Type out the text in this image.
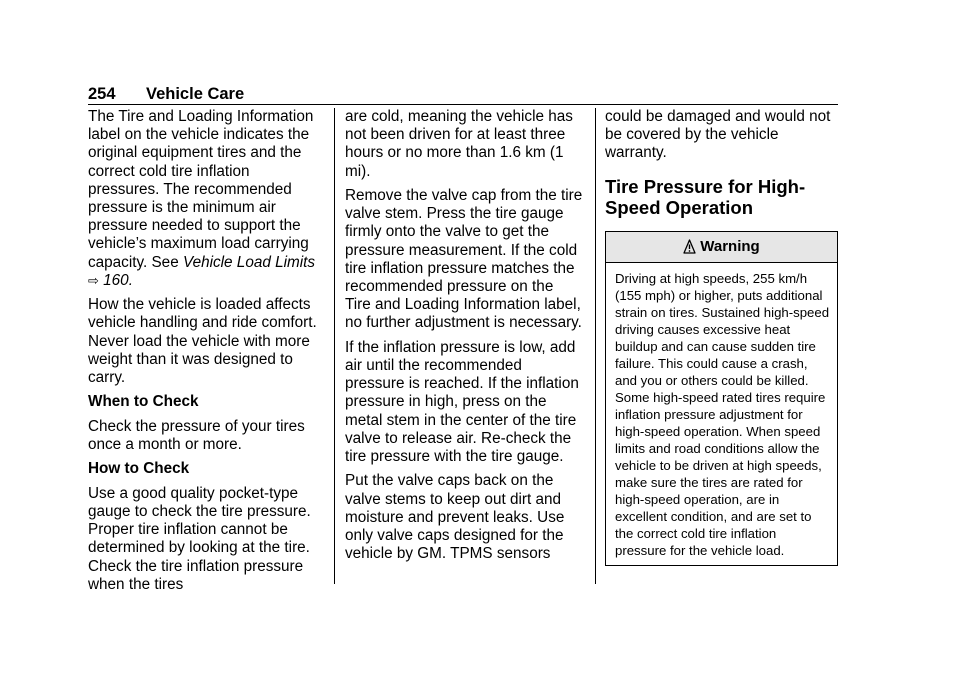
254 Vehicle Care

The Tire and Loading Information label on the vehicle indicates the original equipment tires and the correct cold tire inflation pressures. The recommended pressure is the minimum air pressure needed to support the vehicle’s maximum load carrying capacity. See Vehicle Load Limits ⇨ 160.

How the vehicle is loaded affects vehicle handling and ride comfort. Never load the vehicle with more weight than it was designed to carry.

When to Check

Check the pressure of your tires once a month or more.

How to Check

Use a good quality pocket-type gauge to check the tire pressure. Proper tire inflation cannot be determined by looking at the tire. Check the tire inflation pressure when the tires

are cold, meaning the vehicle has not been driven for at least three hours or no more than 1.6 km (1 mi).

Remove the valve cap from the tire valve stem. Press the tire gauge firmly onto the valve to get the pressure measurement. If the cold tire inflation pressure matches the recommended pressure on the Tire and Loading Information label, no further adjustment is necessary.

If the inflation pressure is low, add air until the recommended pressure is reached. If the inflation pressure in high, press on the metal stem in the center of the tire valve to release air. Re-check the tire pressure with the tire gauge.

Put the valve caps back on the valve stems to keep out dirt and moisture and prevent leaks. Use only valve caps designed for the vehicle by GM. TPMS sensors

could be damaged and would not be covered by the vehicle warranty.

Tire Pressure for High-Speed Operation
Warning
Driving at high speeds, 255 km/h (155 mph) or higher, puts additional strain on tires. Sustained high-speed driving causes excessive heat buildup and can cause sudden tire failure. This could cause a crash, and you or others could be killed. Some high-speed rated tires require inflation pressure adjustment for high-speed operation. When speed limits and road conditions allow the vehicle to be driven at high speeds, make sure the tires are rated for high-speed operation, are in excellent condition, and are set to the correct cold tire inflation pressure for the vehicle load.
